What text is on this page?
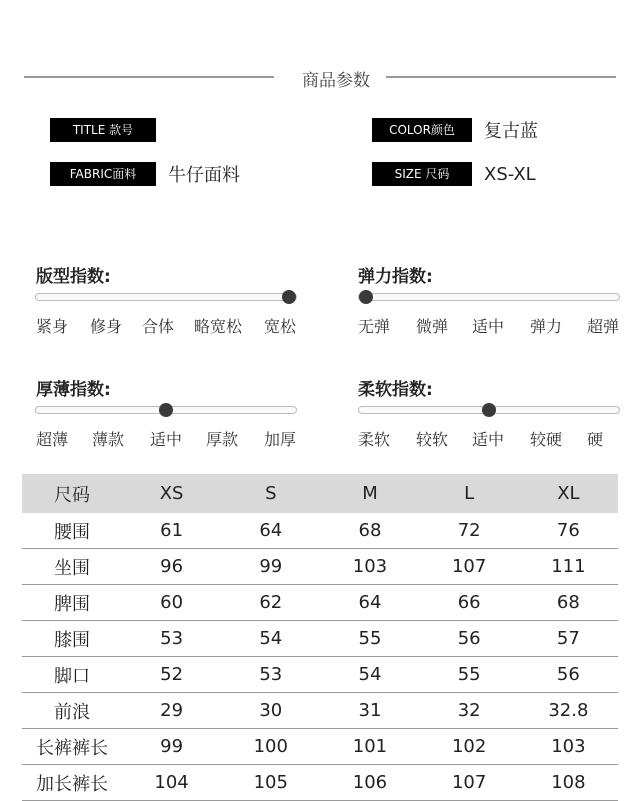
商品参数
TITLE 款号	COLOR颜色	复古蓝
FABRIC面料	牛仔面料	SIZE 尺码	XS-XL
版型指数:
紧身 修身 合体 略宽松 宽松
弹力指数:
无弹 微弹 适中 弹力 超弹
厚薄指数:
超薄 薄款 适中 厚款 加厚
柔软指数:
柔软 较软 适中 较硬 硬
尺码	XS	S	M	L	XL
腰围	61	64	68	72	76
坐围	96	99	103	107	111
脾围	60	62	64	66	68
膝围	53	54	55	56	57
脚口	52	53	54	55	56
前浪	29	30	31	32	32.8
长裤裤长	99	100	101	102	103
加长裤长	104	105	106	107	108
